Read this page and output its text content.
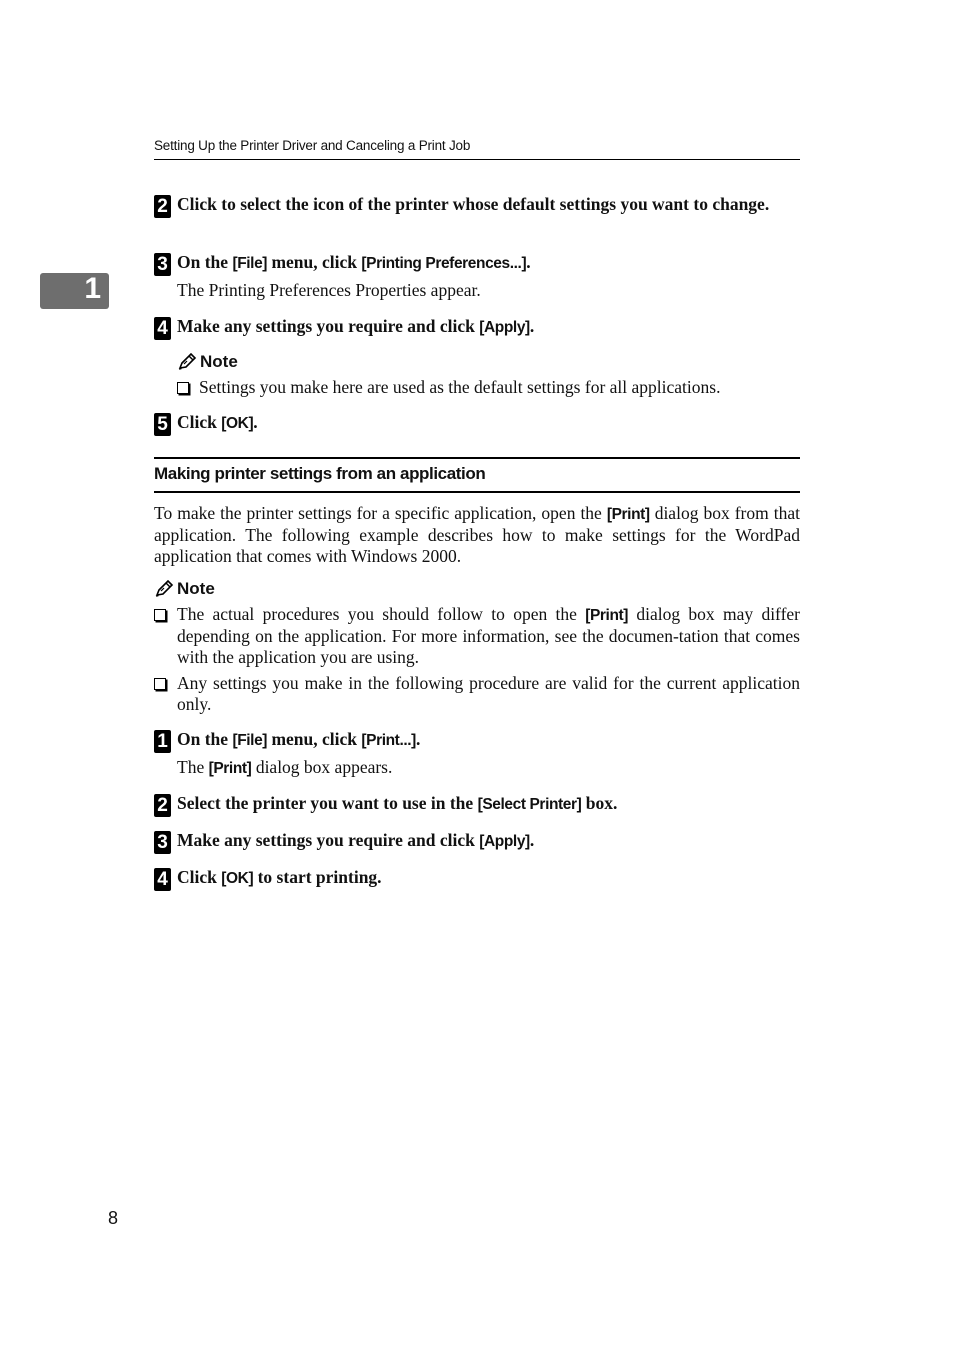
Setting Up the Printer Driver and Canceling a Print Job
1
2 Click to select the icon of the printer whose default settings you want to change.
3 On the [File] menu, click [Printing Preferences...].
The Printing Preferences Properties appear.
4 Make any settings you require and click [Apply].
Note
Settings you make here are used as the default settings for all applications.
5 Click [OK].
Making printer settings from an application
To make the printer settings for a specific application, open the [Print] dialog box from that application. The following example describes how to make settings for the WordPad application that comes with Windows 2000.
Note
The actual procedures you should follow to open the [Print] dialog box may differ depending on the application. For more information, see the documen-tation that comes with the application you are using.
Any settings you make in the following procedure are valid for the current application only.
1 On the [File] menu, click [Print...].
The [Print] dialog box appears.
2 Select the printer you want to use in the [Select Printer] box.
3 Make any settings you require and click [Apply].
4 Click [OK] to start printing.
8
